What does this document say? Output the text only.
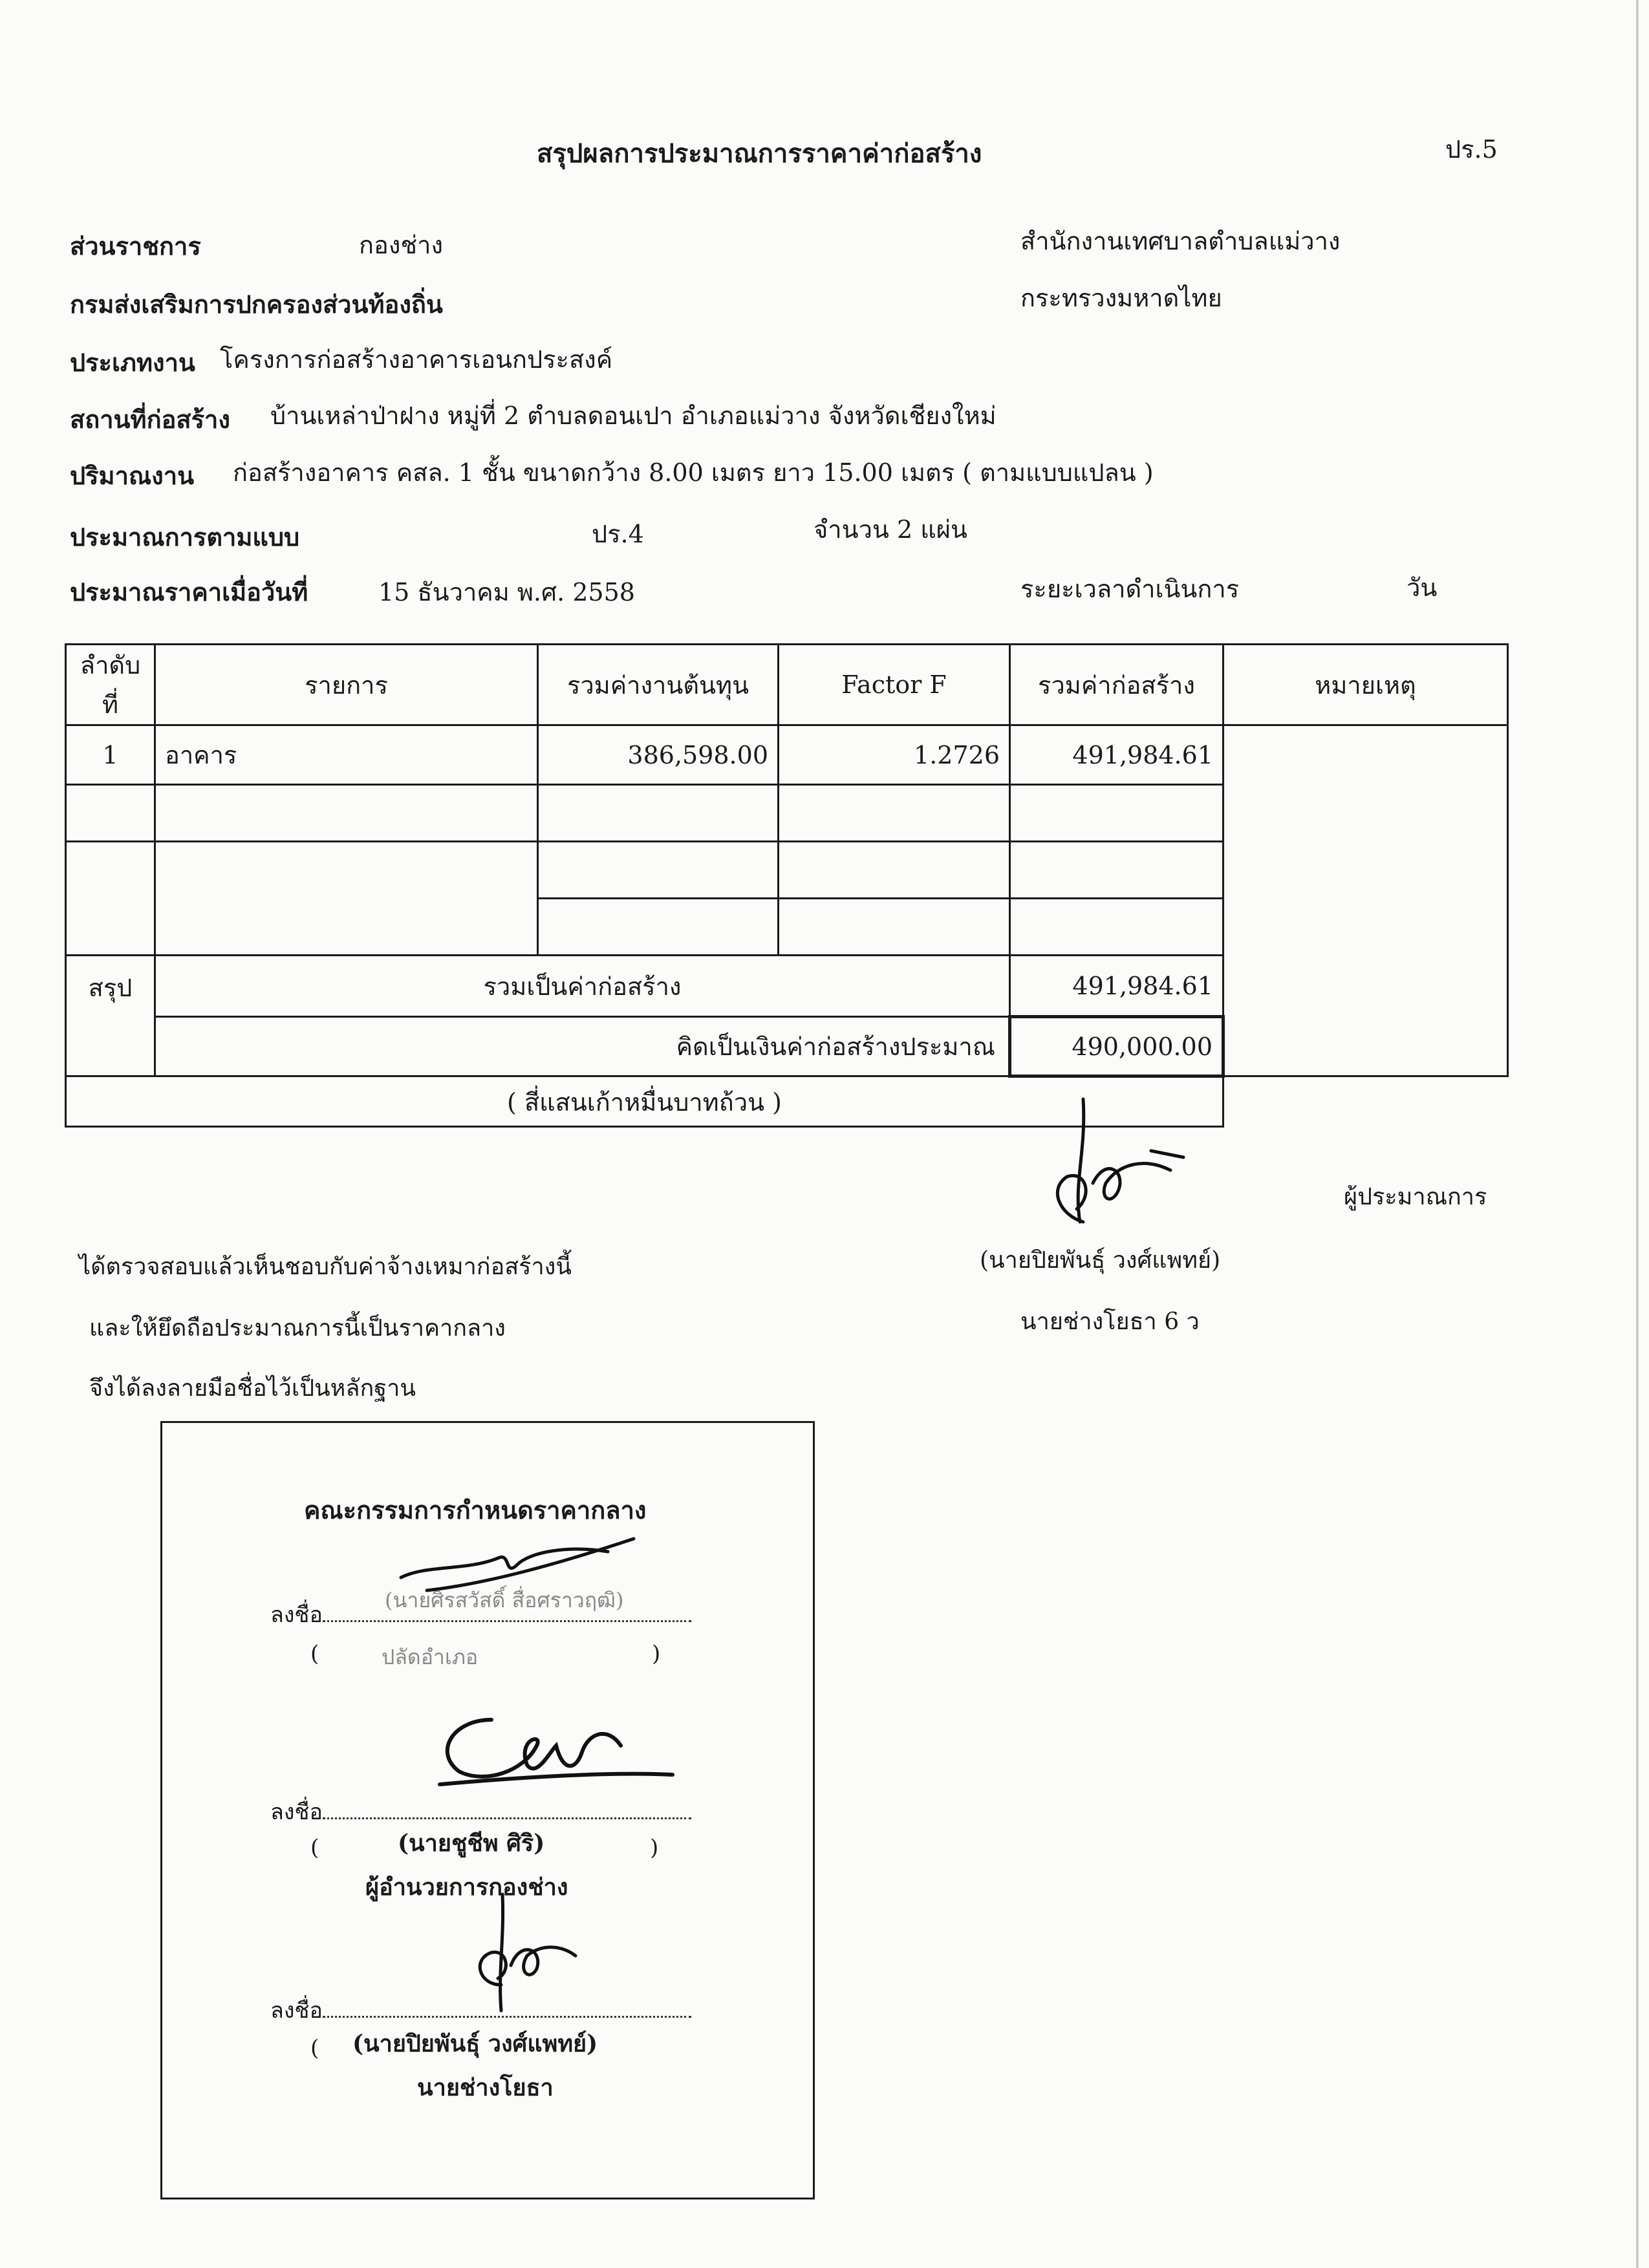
สรุปผลการประมาณการราคาค่าก่อสร้าง	ปร.5
ส่วนราชการ	กองช่าง	สำนักงานเทศบาลตำบลแม่วาง
กรมส่งเสริมการปกครองส่วนท้องถิ่น	กระทรวงมหาดไทย
ประเภทงาน โครงการก่อสร้างอาคารเอนกประสงค์
สถานที่ก่อสร้าง บ้านเหล่าป่าฝาง หมู่ที่ 2 ตำบลดอนเปา อำเภอแม่วาง จังหวัดเชียงใหม่
ปริมาณงาน ก่อสร้างอาคาร คสล. 1 ชั้น ขนาดกว้าง 8.00 เมตร ยาว 15.00 เมตร ( ตามแบบแปลน )
ประมาณการตามแบบ	ปร.4	จำนวน 2 แผ่น
ประมาณราคาเมื่อวันที่	15 ธันวาคม พ.ศ. 2558	ระยะเวลาดำเนินการ	วัน
ลำดับที่	รายการ	รวมค่างานต้นทุน	Factor F	รวมค่าก่อสร้าง	หมายเหตุ
1	อาคาร	386,598.00	1.2726	491,984.61	

สรุป	รวมเป็นค่าก่อสร้าง			491,984.61	
	คิดเป็นเงินค่าก่อสร้างประมาณ			490,000.00	
( สี่แสนเก้าหมื่นบาทถ้วน )					
ผู้ประมาณการ
(นายปิยพันธุ์ วงศ์แพทย์)
นายช่างโยธา 6 ว
ได้ตรวจสอบแล้วเห็นชอบกับค่าจ้างเหมาก่อสร้างนี้
และให้ยึดถือประมาณการนี้เป็นราคากลาง
จึงได้ลงลายมือชื่อไว้เป็นหลักฐาน
คณะกรรมการกำหนดราคากลาง
ลงชื่อ
(นายศิรสวัสดิ์ สื่อศราวฤฒิ)
(	ปลัดอำเภอ	)
ลงชื่อ
(	(นายชูชีพ ศิริ)	)
ผู้อำนวยการกองช่าง
ลงชื่อ
( (นายปิยพันธุ์ วงศ์แพทย์)
นายช่างโยธา
